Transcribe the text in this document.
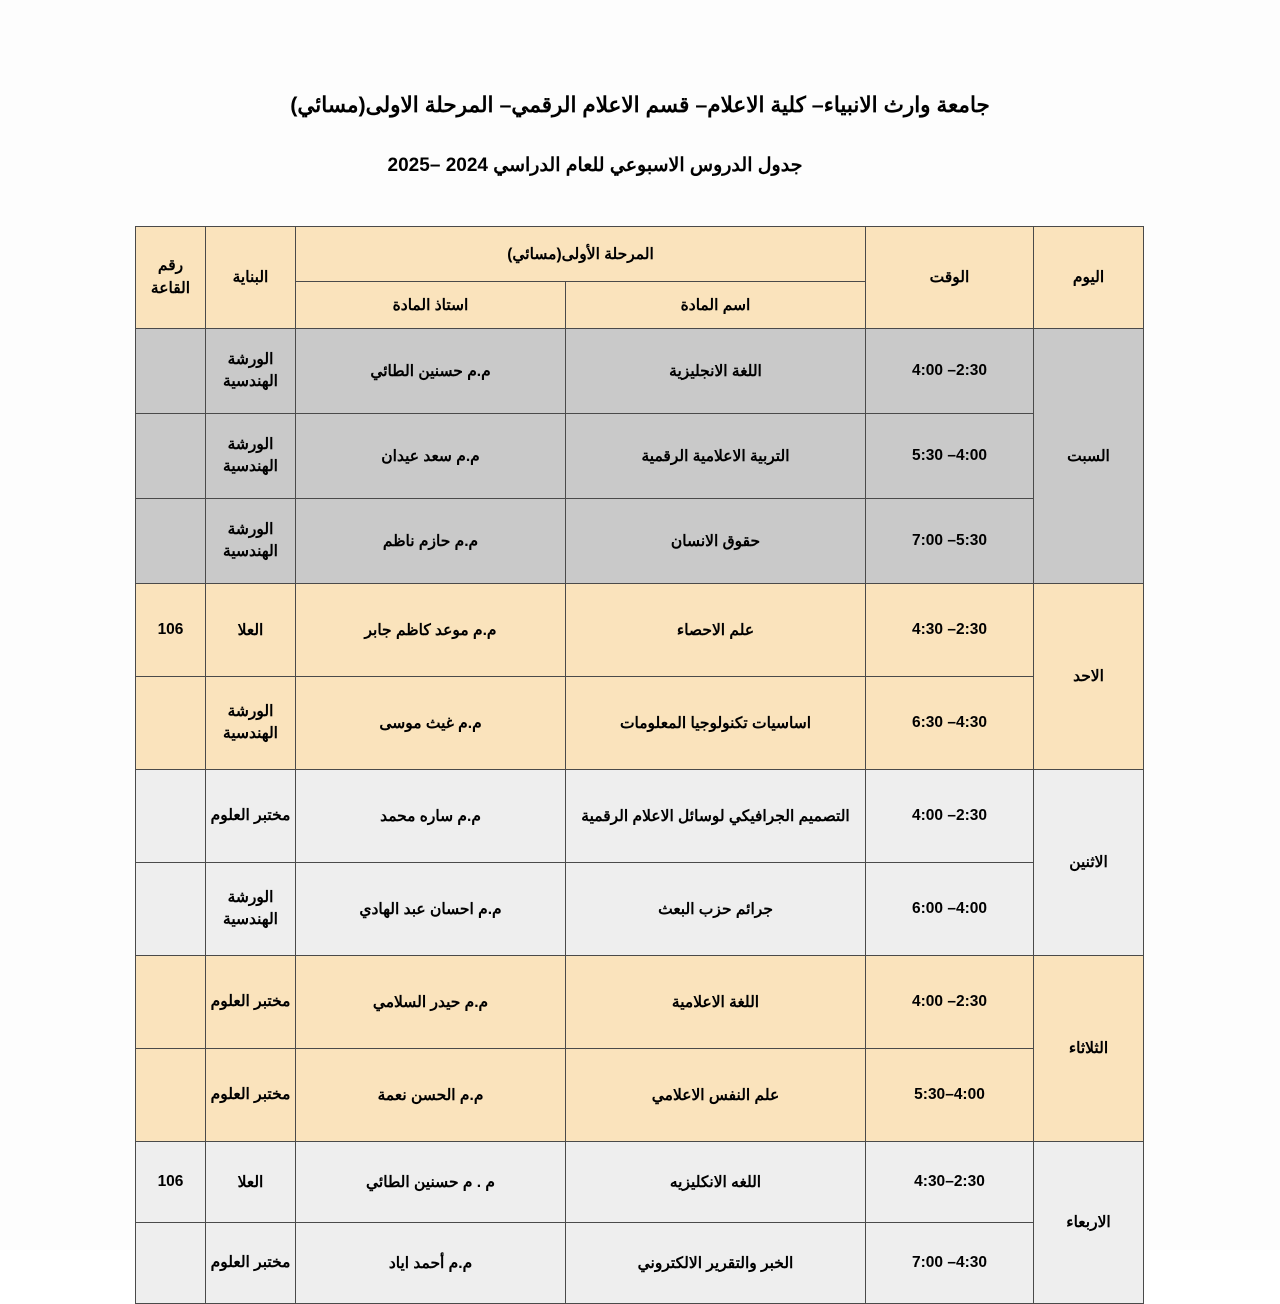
جامعة وارث الانبياء– كلية الاعلام– قسم الاعلام الرقمي– المرحلة الاولى(مسائي)
جدول الدروس الاسبوعي للعام الدراسي 2024 –2025
اليوم	الوقت	المرحلة الأولى(مسائي)		البناية	رقم القاعة
		اسم المادة	استاذ المادة		
السبت	2:30– 4:00	اللغة الانجليزية	م.م حسنين الطائي	الورشة الهندسية	
	4:00– 5:30	التربية الاعلامية الرقمية	م.م سعد عيدان	الورشة الهندسية	
	5:30– 7:00	حقوق الانسان	م.م حازم ناظم	الورشة الهندسية	
الاحد	2:30– 4:30	علم الاحصاء	م.م موعد كاظم جابر	العلا	106
	4:30– 6:30	اساسيات تكنولوجيا المعلومات	م.م غيث موسى	الورشة الهندسية	
الاثنين	2:30– 4:00	التصميم الجرافيكي لوسائل الاعلام الرقمية	م.م ساره محمد	مختبر العلوم	
	4:00– 6:00	جرائم حزب البعث	م.م احسان عبد الهادي	الورشة الهندسية	
الثلاثاء	2:30– 4:00	اللغة الاعلامية	م.م حيدر السلامي	مختبر العلوم	
	4:00–5:30	علم النفس الاعلامي	م.م الحسن نعمة	مختبر العلوم	
الاربعاء	2:30–4:30	اللغه الانكليزيه	م . م حسنين الطائي	العلا	106
	4:30– 7:00	الخبر والتقرير الالكتروني	م.م أحمد اياد	مختبر العلوم	
